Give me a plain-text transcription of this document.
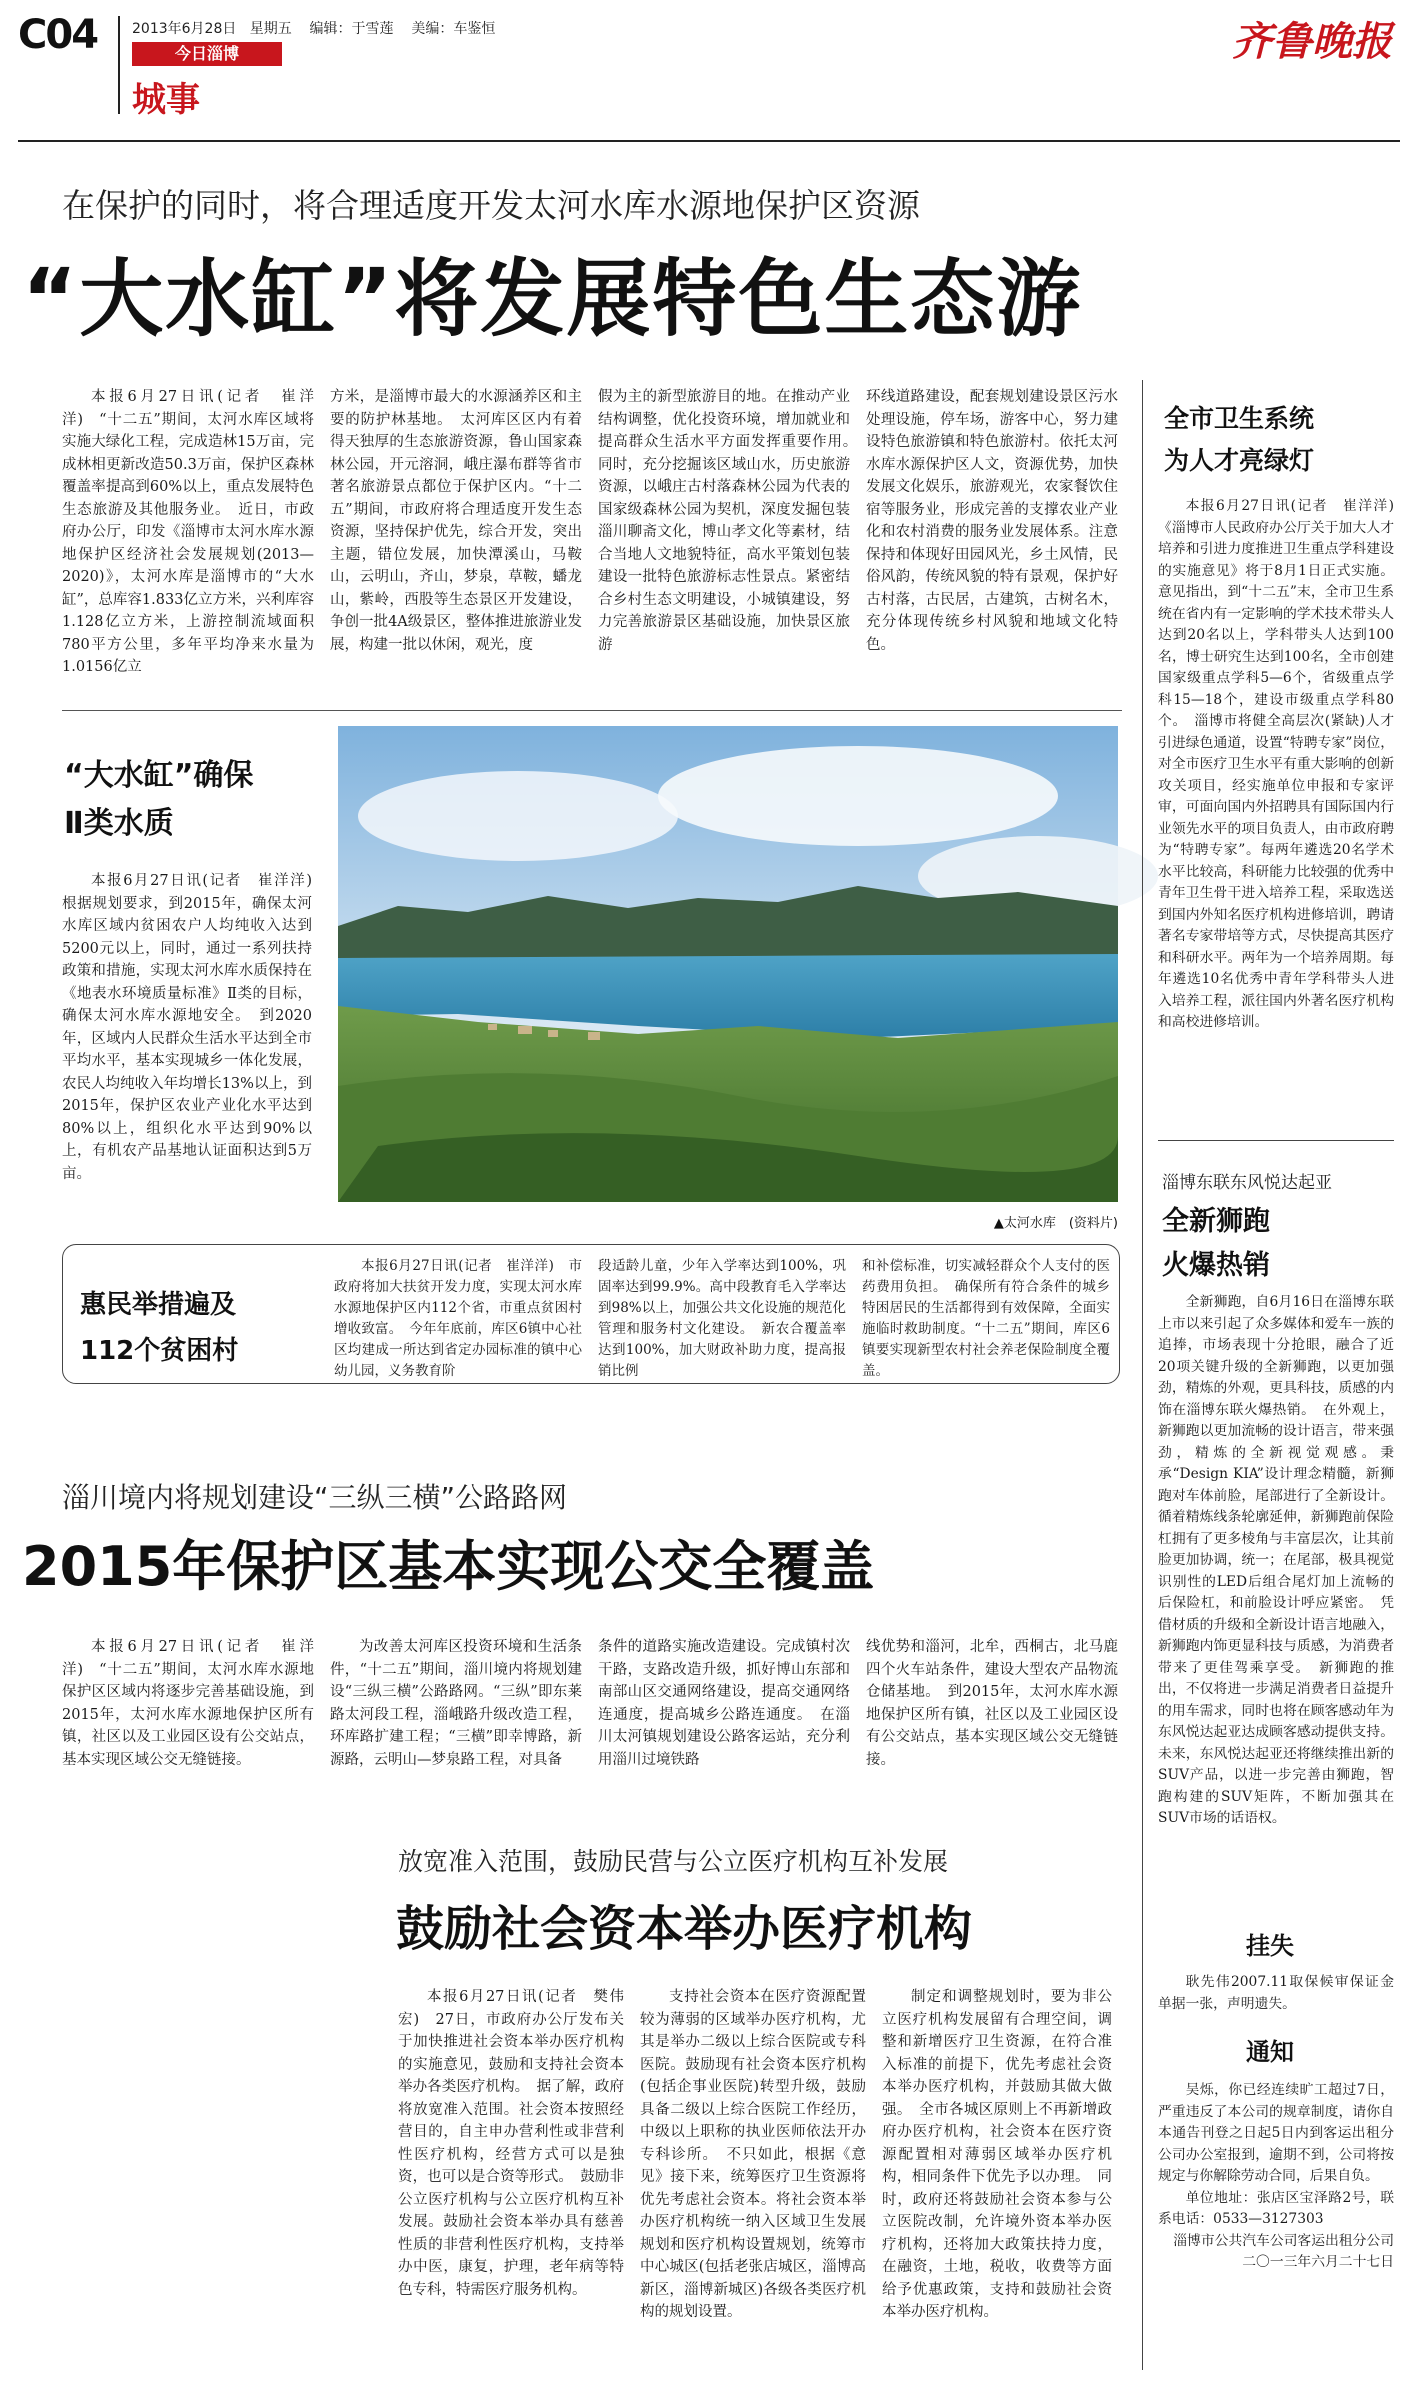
C04 2013年6月28日 星期五 编辑：于雪莲 美编：车鉴恒
今日淄博
城事
齐鲁晚报
在保护的同时，将合理适度开发太河水库水源地保护区资源
“大水缸”将发展特色生态游

本报6月27日讯(记者　崔洋洋)　“十二五”期间，太河水库区域将实施大绿化工程，完成造林15万亩，完成林相更新改造50.3万亩，保护区森林覆盖率提高到60%以上，重点发展特色生态旅游及其他服务业。　近日，市政府办公厅，印发《淄博市太河水库水源地保护区经济社会发展规划(2013—2020)》，太河水库是淄博市的“大水缸”，总库容1.833亿立方米，兴利库容1.128亿立方米，上游控制流域面积780平方公里，多年平均净来水量为1.0156亿立

方米，是淄博市最大的水源涵养区和主要的防护林基地。　太河库区区内有着得天独厚的生态旅游资源，鲁山国家森林公园，开元溶洞，峨庄瀑布群等省市著名旅游景点都位于保护区内。“十二五”期间，市政府将合理适度开发生态资源，坚持保护优先，综合开发，突出主题，错位发展，加快潭溪山，马鞍山，云明山，齐山，梦泉，草鞍，蟠龙山，紫岭，西股等生态景区开发建设，争创一批4A级景区，整体推进旅游业发展，构建一批以休闲，观光，度

假为主的新型旅游目的地。在推动产业结构调整，优化投资环境，增加就业和提高群众生活水平方面发挥重要作用。　同时，充分挖掘该区域山水，历史旅游资源，以峨庄古村落森林公园为代表的国家级森林公园为契机，深度发掘包装淄川聊斋文化，博山孝文化等素材，结合当地人文地貌特征，高水平策划包装建设一批特色旅游标志性景点。紧密结合乡村生态文明建设，小城镇建设，努力完善旅游景区基础设施，加快景区旅游

环线道路建设，配套规划建设景区污水处理设施，停车场，游客中心，努力建设特色旅游镇和特色旅游村。依托太河水库水源保护区人文，资源优势，加快发展文化娱乐，旅游观光，农家餐饮住宿等服务业，形成完善的支撑农业产业化和农村消费的服务业发展体系。注意保持和体现好田园风光，乡土风情，民俗风韵，传统风貌的特有景观，保护好古村落，古民居，古建筑，古树名木，充分体现传统乡村风貌和地域文化特色。

“大水缸”确保
Ⅱ类水质

本报6月27日讯(记者　崔洋洋)　根据规划要求，到2015年，确保太河水库区域内贫困农户人均纯收入达到5200元以上，同时，通过一系列扶持政策和措施，实现太河水库水质保持在《地表水环境质量标准》Ⅱ类的目标，确保太河水库水源地安全。　到2020年，区域内人民群众生活水平达到全市平均水平，基本实现城乡一体化发展，农民人均纯收入年均增长13%以上，到2015年，保护区农业产业化水平达到80%以上，组织化水平达到90%以上，有机农产品基地认证面积达到5万亩。

▲太河水库　(资料片)
惠民举措遍及
112个贫困村

本报6月27日讯(记者　崔洋洋)　市政府将加大扶贫开发力度，实现太河水库水源地保护区内112个省，市重点贫困村增收致富。　今年年底前，库区6镇中心社区均建成一所达到省定办园标准的镇中心幼儿园，义务教育阶

段适龄儿童，少年入学率达到100%，巩固率达到99.9%。高中段教育毛入学率达到98%以上，加强公共文化设施的规范化管理和服务村文化建设。　新农合覆盖率达到100%，加大财政补助力度，提高报销比例

和补偿标准，切实减轻群众个人支付的医药费用负担。　确保所有符合条件的城乡特困居民的生活都得到有效保障，全面实施临时救助制度。“十二五”期间，库区6镇要实现新型农村社会养老保险制度全覆盖。

淄川境内将规划建设“三纵三横”公路路网
2015年保护区基本实现公交全覆盖

本报6月27日讯(记者　崔洋洋)　“十二五”期间，太河水库水源地保护区区域内将逐步完善基础设施，到2015年，太河水库水源地保护区所有镇，社区以及工业园区设有公交站点，基本实现区域公交无缝链接。

为改善太河库区投资环境和生活条件，“十二五”期间，淄川境内将规划建设“三纵三横”公路路网。“三纵”即东莱路太河段工程，淄峨路升级改造工程，环库路扩建工程；“三横”即幸博路，新源路，云明山—梦泉路工程，对具备

条件的道路实施改造建设。完成镇村次干路，支路改造升级，抓好博山东部和南部山区交通网络建设，提高交通网络连通度，提高城乡公路连通度。　在淄川太河镇规划建设公路客运站，充分利用淄川过境铁路

线优势和淄河，北牟，西桐古，北马鹿四个火车站条件，建设大型农产品物流仓储基地。　到2015年，太河水库水源地保护区所有镇，社区以及工业园区设有公交站点，基本实现区域公交无缝链接。

放宽准入范围，鼓励民营与公立医疗机构互补发展
鼓励社会资本举办医疗机构

本报6月27日讯(记者　樊伟宏)　27日，市政府办公厅发布关于加快推进社会资本举办医疗机构的实施意见，鼓励和支持社会资本举办各类医疗机构。　据了解，政府将放宽准入范围。社会资本按照经营目的，自主申办营利性或非营利性医疗机构，经营方式可以是独资，也可以是合资等形式。　鼓励非公立医疗机构与公立医疗机构互补发展。鼓励社会资本举办具有慈善性质的非营利性医疗机构，支持举办中医，康复，护理，老年病等特色专科，特需医疗服务机构。

支持社会资本在医疗资源配置较为薄弱的区域举办医疗机构，尤其是举办二级以上综合医院或专科医院。鼓励现有社会资本医疗机构(包括企事业医院)转型升级，鼓励具备二级以上综合医院工作经历，中级以上职称的执业医师依法开办专科诊所。　不只如此，根据《意见》接下来，统筹医疗卫生资源将优先考虑社会资本。将社会资本举办医疗机构统一纳入区域卫生发展规划和医疗机构设置规划，统筹市中心城区(包括老张店城区，淄博高新区，淄博新城区)各级各类医疗机构的规划设置。

制定和调整规划时，要为非公立医疗机构发展留有合理空间，调整和新增医疗卫生资源，在符合准入标准的前提下，优先考虑社会资本举办医疗机构，并鼓励其做大做强。　全市各城区原则上不再新增政府办医疗机构，社会资本在医疗资源配置相对薄弱区域举办医疗机构，相同条件下优先予以办理。　同时，政府还将鼓励社会资本参与公立医院改制，允许境外资本举办医疗机构，还将加大政策扶持力度，在融资，土地，税收，收费等方面给予优惠政策，支持和鼓励社会资本举办医疗机构。

全市卫生系统
为人才亮绿灯

本报6月27日讯(记者　崔洋洋)　《淄博市人民政府办公厅关于加大人才培养和引进力度推进卫生重点学科建设的实施意见》将于8月1日正式实施。意见指出，到“十二五”末，全市卫生系统在省内有一定影响的学术技术带头人达到20名以上，学科带头人达到100名，博士研究生达到100名，全市创建国家级重点学科5—6个，省级重点学科15—18个，建设市级重点学科80个。　淄博市将健全高层次(紧缺)人才引进绿色通道，设置“特聘专家”岗位，对全市医疗卫生水平有重大影响的创新攻关项目，经实施单位申报和专家评审，可面向国内外招聘具有国际国内行业领先水平的项目负责人，由市政府聘为“特聘专家”。每两年遴选20名学术水平比较高，科研能力比较强的优秀中青年卫生骨干进入培养工程，采取选送到国内外知名医疗机构进修培训，聘请著名专家带培等方式，尽快提高其医疗和科研水平。两年为一个培养周期。每年遴选10名优秀中青年学科带头人进入培养工程，派往国内外著名医疗机构和高校进修培训。

淄博东联东风悦达起亚
全新狮跑
火爆热销

全新狮跑，自6月16日在淄博东联上市以来引起了众多媒体和爱车一族的追捧，市场表现十分抢眼，融合了近20项关键升级的全新狮跑，以更加强劲，精炼的外观，更具科技，质感的内饰在淄博东联火爆热销。　在外观上，新狮跑以更加流畅的设计语言，带来强劲，精炼的全新视觉观感。秉承“Design KIA”设计理念精髓，新狮跑对车体前脸，尾部进行了全新设计。循着精炼线条轮廓延伸，新狮跑前保险杠拥有了更多棱角与丰富层次，让其前脸更加协调，统一；在尾部，极具视觉识别性的LED后组合尾灯加上流畅的后保险杠，和前脸设计呼应紧密。　凭借材质的升级和全新设计语言地融入，新狮跑内饰更显科技与质感，为消费者带来了更佳驾乘享受。　新狮跑的推出，不仅将进一步满足消费者日益提升的用车需求，同时也将在顾客感动年为东风悦达起亚达成顾客感动提供支持。未来，东风悦达起亚还将继续推出新的SUV产品，以进一步完善由狮跑，智跑构建的SUV矩阵，不断加强其在SUV市场的话语权。

挂失

耿先伟2007.11取保候审保证金单据一张，声明遗失。

通知

吴烁，你已经连续旷工超过7日，严重违反了本公司的规章制度，请你自本通告刊登之日起5日内到客运出租分公司办公室报到，逾期不到，公司将按规定与你解除劳动合同，后果自负。

单位地址：张店区宝泽路2号，联系电话：0533—3127303

淄博市公共汽车公司客运出租分公司

二〇一三年六月二十七日
